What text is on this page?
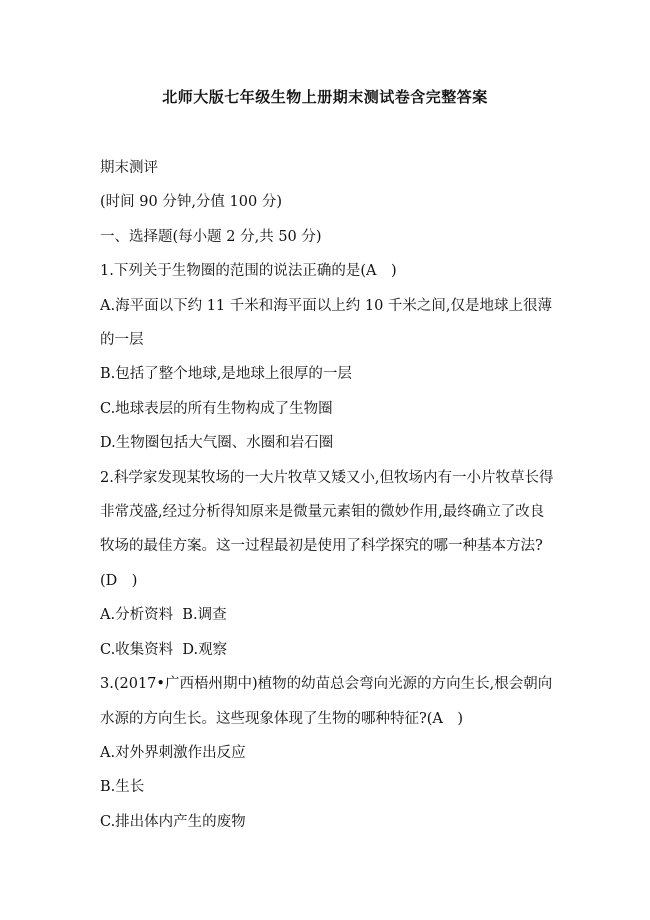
北师大版七年级生物上册期末测试卷含完整答案
期末测评
(时间 90 分钟,分值 100 分)
一、选择题(每小题 2 分,共 50 分)
1.下列关于生物圈的范围的说法正确的是(A　)
A.海平面以下约 11 千米和海平面以上约 10 千米之间,仅是地球上很薄的一层
B.包括了整个地球,是地球上很厚的一层
C.地球表层的所有生物构成了生物圈
D.生物圈包括大气圈、水圈和岩石圈
2.科学家发现某牧场的一大片牧草又矮又小,但牧场内有一小片牧草长得非常茂盛,经过分析得知原来是微量元素钼的微妙作用,最终确立了改良牧场的最佳方案。这一过程最初是使用了科学探究的哪一种基本方法?(D　)
A.分析资料  B.调查
C.收集资料  D.观察
3.(2017•广西梧州期中)植物的幼苗总会弯向光源的方向生长,根会朝向水源的方向生长。这些现象体现了生物的哪种特征?(A　)
A.对外界刺激作出反应
B.生长
C.排出体内产生的废物
